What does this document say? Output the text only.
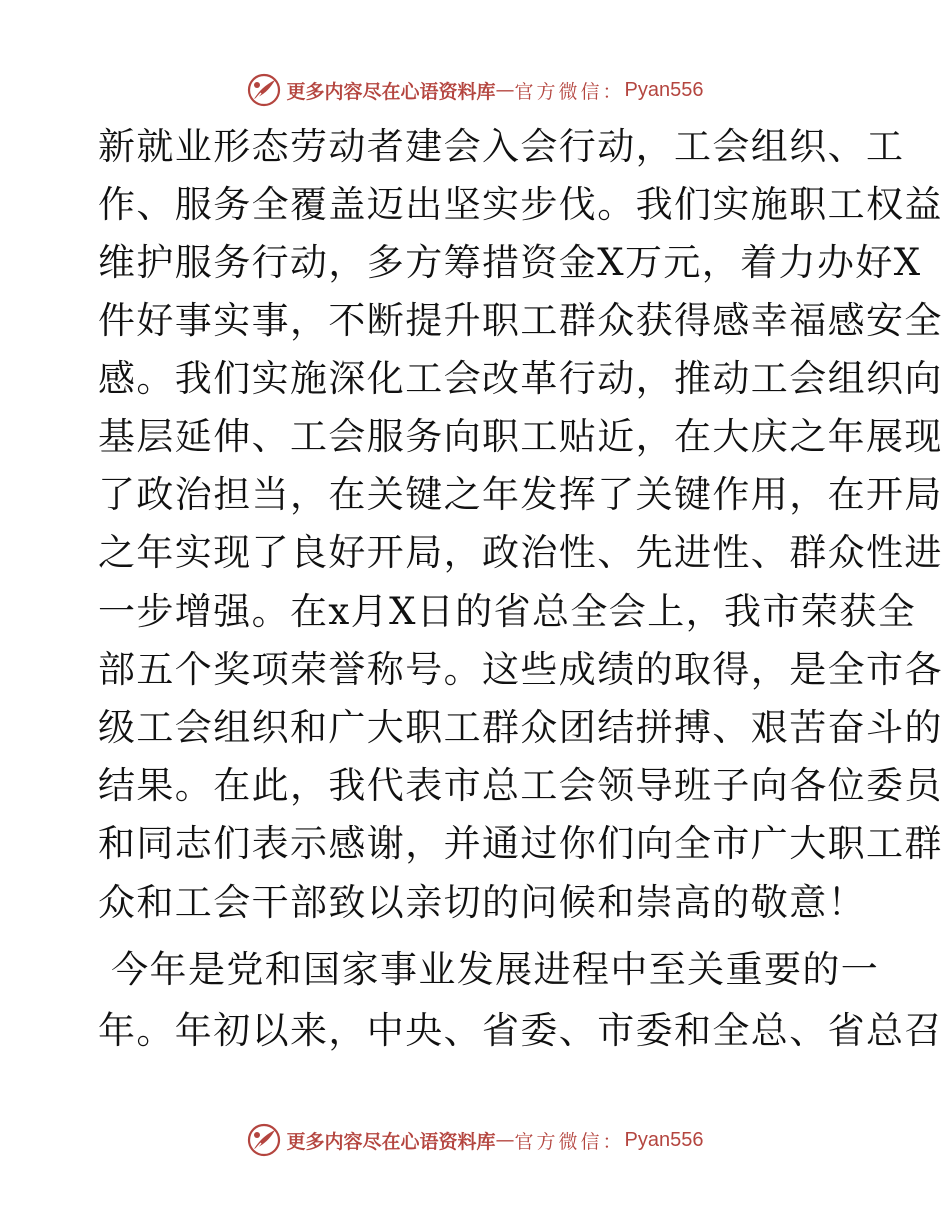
更多内容尽在心语资料库 — 官方微信： Pyan556
新就业形态劳动者建会入会行动，工会组织、工
作、服务全覆盖迈出坚实步伐。我们实施职工权益
维护服务行动，多方筹措资金X万元，着力办好X
件好事实事，不断提升职工群众获得感幸福感安全
感。我们实施深化工会改革行动，推动工会组织向
基层延伸、工会服务向职工贴近，在大庆之年展现
了政治担当，在关键之年发挥了关键作用，在开局
之年实现了良好开局，政治性、先进性、群众性进
一步增强。在x月X日的省总全会上，我市荣获全
部五个奖项荣誉称号。这些成绩的取得，是全市各
级工会组织和广大职工群众团结拼搏、艰苦奋斗的
结果。在此，我代表市总工会领导班子向各位委员
和同志们表示感谢，并通过你们向全市广大职工群
众和工会干部致以亲切的问候和崇高的敬意！
今年是党和国家事业发展进程中至关重要的一
年。年初以来，中央、省委、市委和全总、省总召
更多内容尽在心语资料库 — 官方微信： Pyan556
